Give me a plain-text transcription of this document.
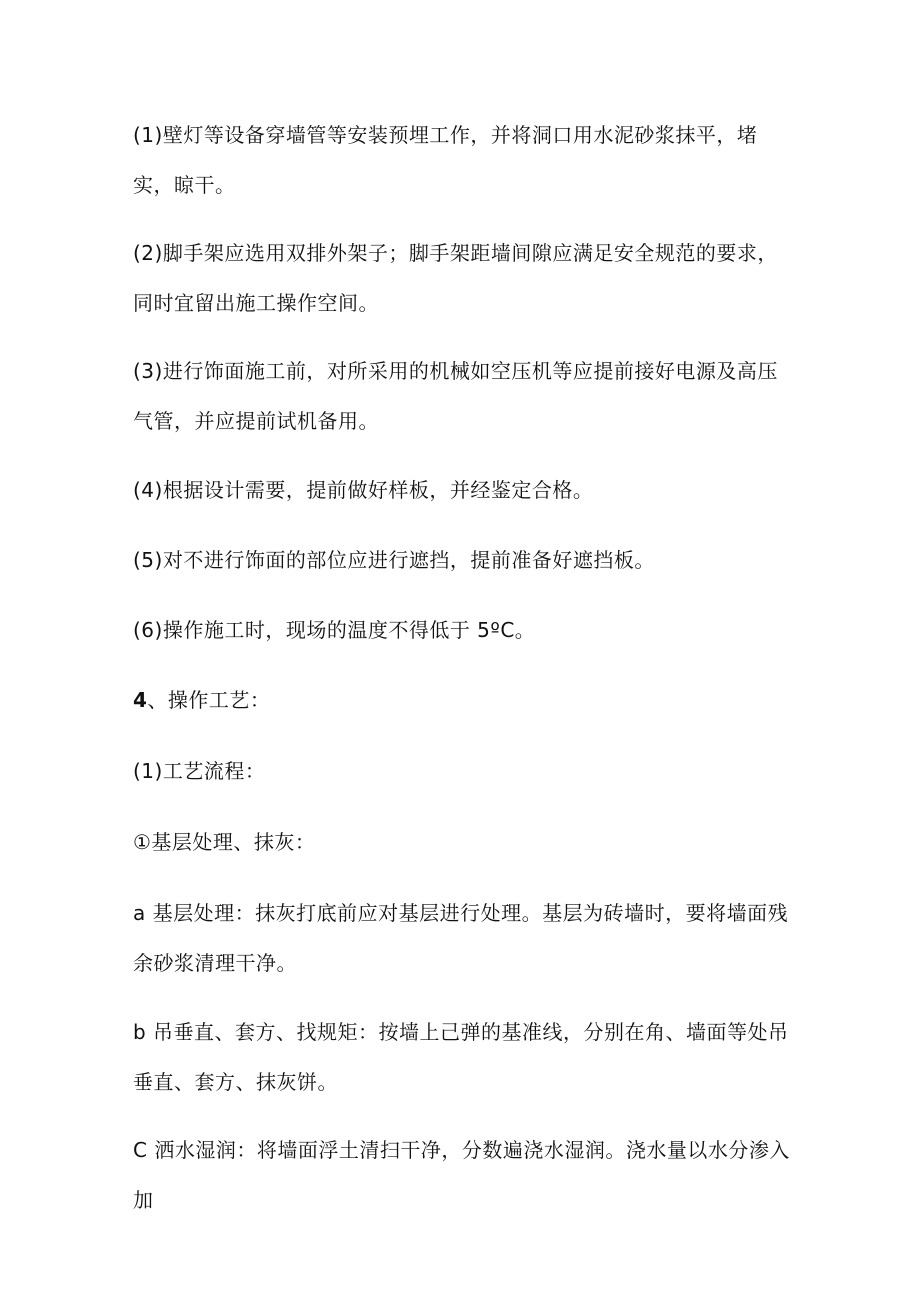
(1)壁灯等设备穿墙管等安装预埋工作，并将洞口用水泥砂浆抹平，堵实，晾干。

(2)脚手架应选用双排外架子；脚手架距墙间隙应满足安全规范的要求，同时宜留出施工操作空间。

(3)进行饰面施工前，对所采用的机械如空压机等应提前接好电源及高压气管，并应提前试机备用。

(4)根据设计需要，提前做好样板，并经鉴定合格。

(5)对不进行饰面的部位应进行遮挡，提前准备好遮挡板。

(6)操作施工时，现场的温度不得低于 5ºC。

4、操作工艺：

(1)工艺流程：

①基层处理、抹灰：

a 基层处理：抹灰打底前应对基层进行处理。基层为砖墙时，要将墙面残余砂浆清理干净。

b 吊垂直、套方、找规矩：按墙上己弹的基准线，分别在角、墙面等处吊垂直、套方、抹灰饼。

C 洒水湿润：将墙面浮土清扫干净，分数遍浇水湿润。浇水量以水分渗入加
